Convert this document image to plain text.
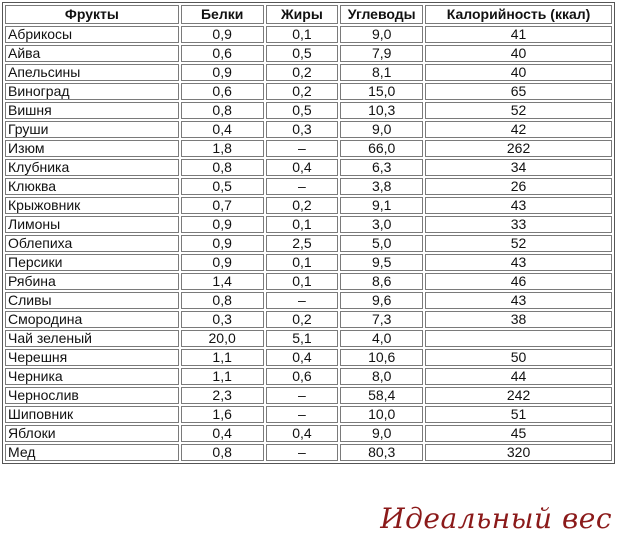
Фрукты	Белки	Жиры	Углеводы	Калорийность (ккал)
Абрикосы	0,9	0,1	9,0	41
Айва	0,6	0,5	7,9	40
Апельсины	0,9	0,2	8,1	40
Виноград	0,6	0,2	15,0	65
Вишня	0,8	0,5	10,3	52
Груши	0,4	0,3	9,0	42
Изюм	1,8	–	66,0	262
Клубника	0,8	0,4	6,3	34
Клюква	0,5	–	3,8	26
Крыжовник	0,7	0,2	9,1	43
Лимоны	0,9	0,1	3,0	33
Облепиха	0,9	2,5	5,0	52
Персики	0,9	0,1	9,5	43
Рябина	1,4	0,1	8,6	46
Сливы	0,8	–	9,6	43
Смородина	0,3	0,2	7,3	38
Чай зеленый	20,0	5,1	4,0	
Черешня	1,1	0,4	10,6	50
Черника	1,1	0,6	8,0	44
Чернослив	2,3	–	58,4	242
Шиповник	1,6	–	10,0	51
Яблоки	0,4	0,4	9,0	45
Мед	0,8	–	80,3	320
Идеальный вес
